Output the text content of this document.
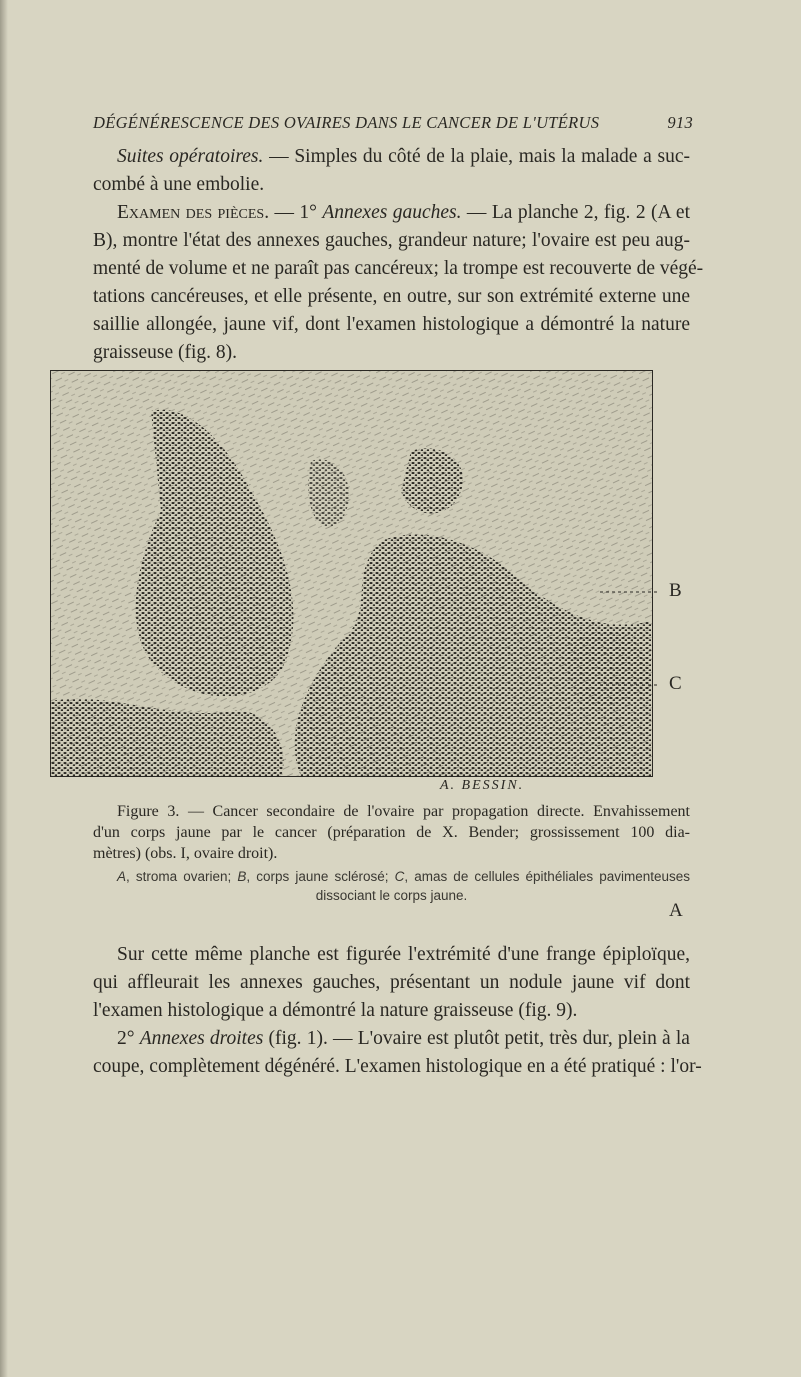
DÉGÉNÉRESCENCE DES OVAIRES DANS LE CANCER DE L'UTÉRUS	913
Suites opératoires. — Simples du côté de la plaie, mais la malade a suc-
combé à une embolie.
Examen des pièces. — 1° Annexes gauches. — La planche 2, fig. 2 (A et
B), montre l'état des annexes gauches, grandeur nature; l'ovaire est peu aug-
menté de volume et ne paraît pas cancéreux; la trompe est recouverte de végé-
tations cancéreuses, et elle présente, en outre, sur son extrémité externe une
saillie allongée, jaune vif, dont l'examen histologique a démontré la nature
graisseuse (fig. 8).
B
C
A. BESSIN.
Figure 3. — Cancer secondaire de l'ovaire par propagation directe. Envahissement
d'un corps jaune par le cancer (préparation de X. Bender; grossissement 100 dia-
mètres) (obs. I, ovaire droit).
A, stroma ovarien; B, corps jaune sclérosé; C, amas de cellules épithéliales pavimenteuses
dissociant le corps jaune.
A
Sur cette même planche est figurée l'extrémité d'une frange épiploïque,
qui affleurait les annexes gauches, présentant un nodule jaune vif dont
l'examen histologique a démontré la nature graisseuse (fig. 9).
2° Annexes droites (fig. 1). — L'ovaire est plutôt petit, très dur, plein à la
coupe, complètement dégénéré. L'examen histologique en a été pratiqué : l'or-
